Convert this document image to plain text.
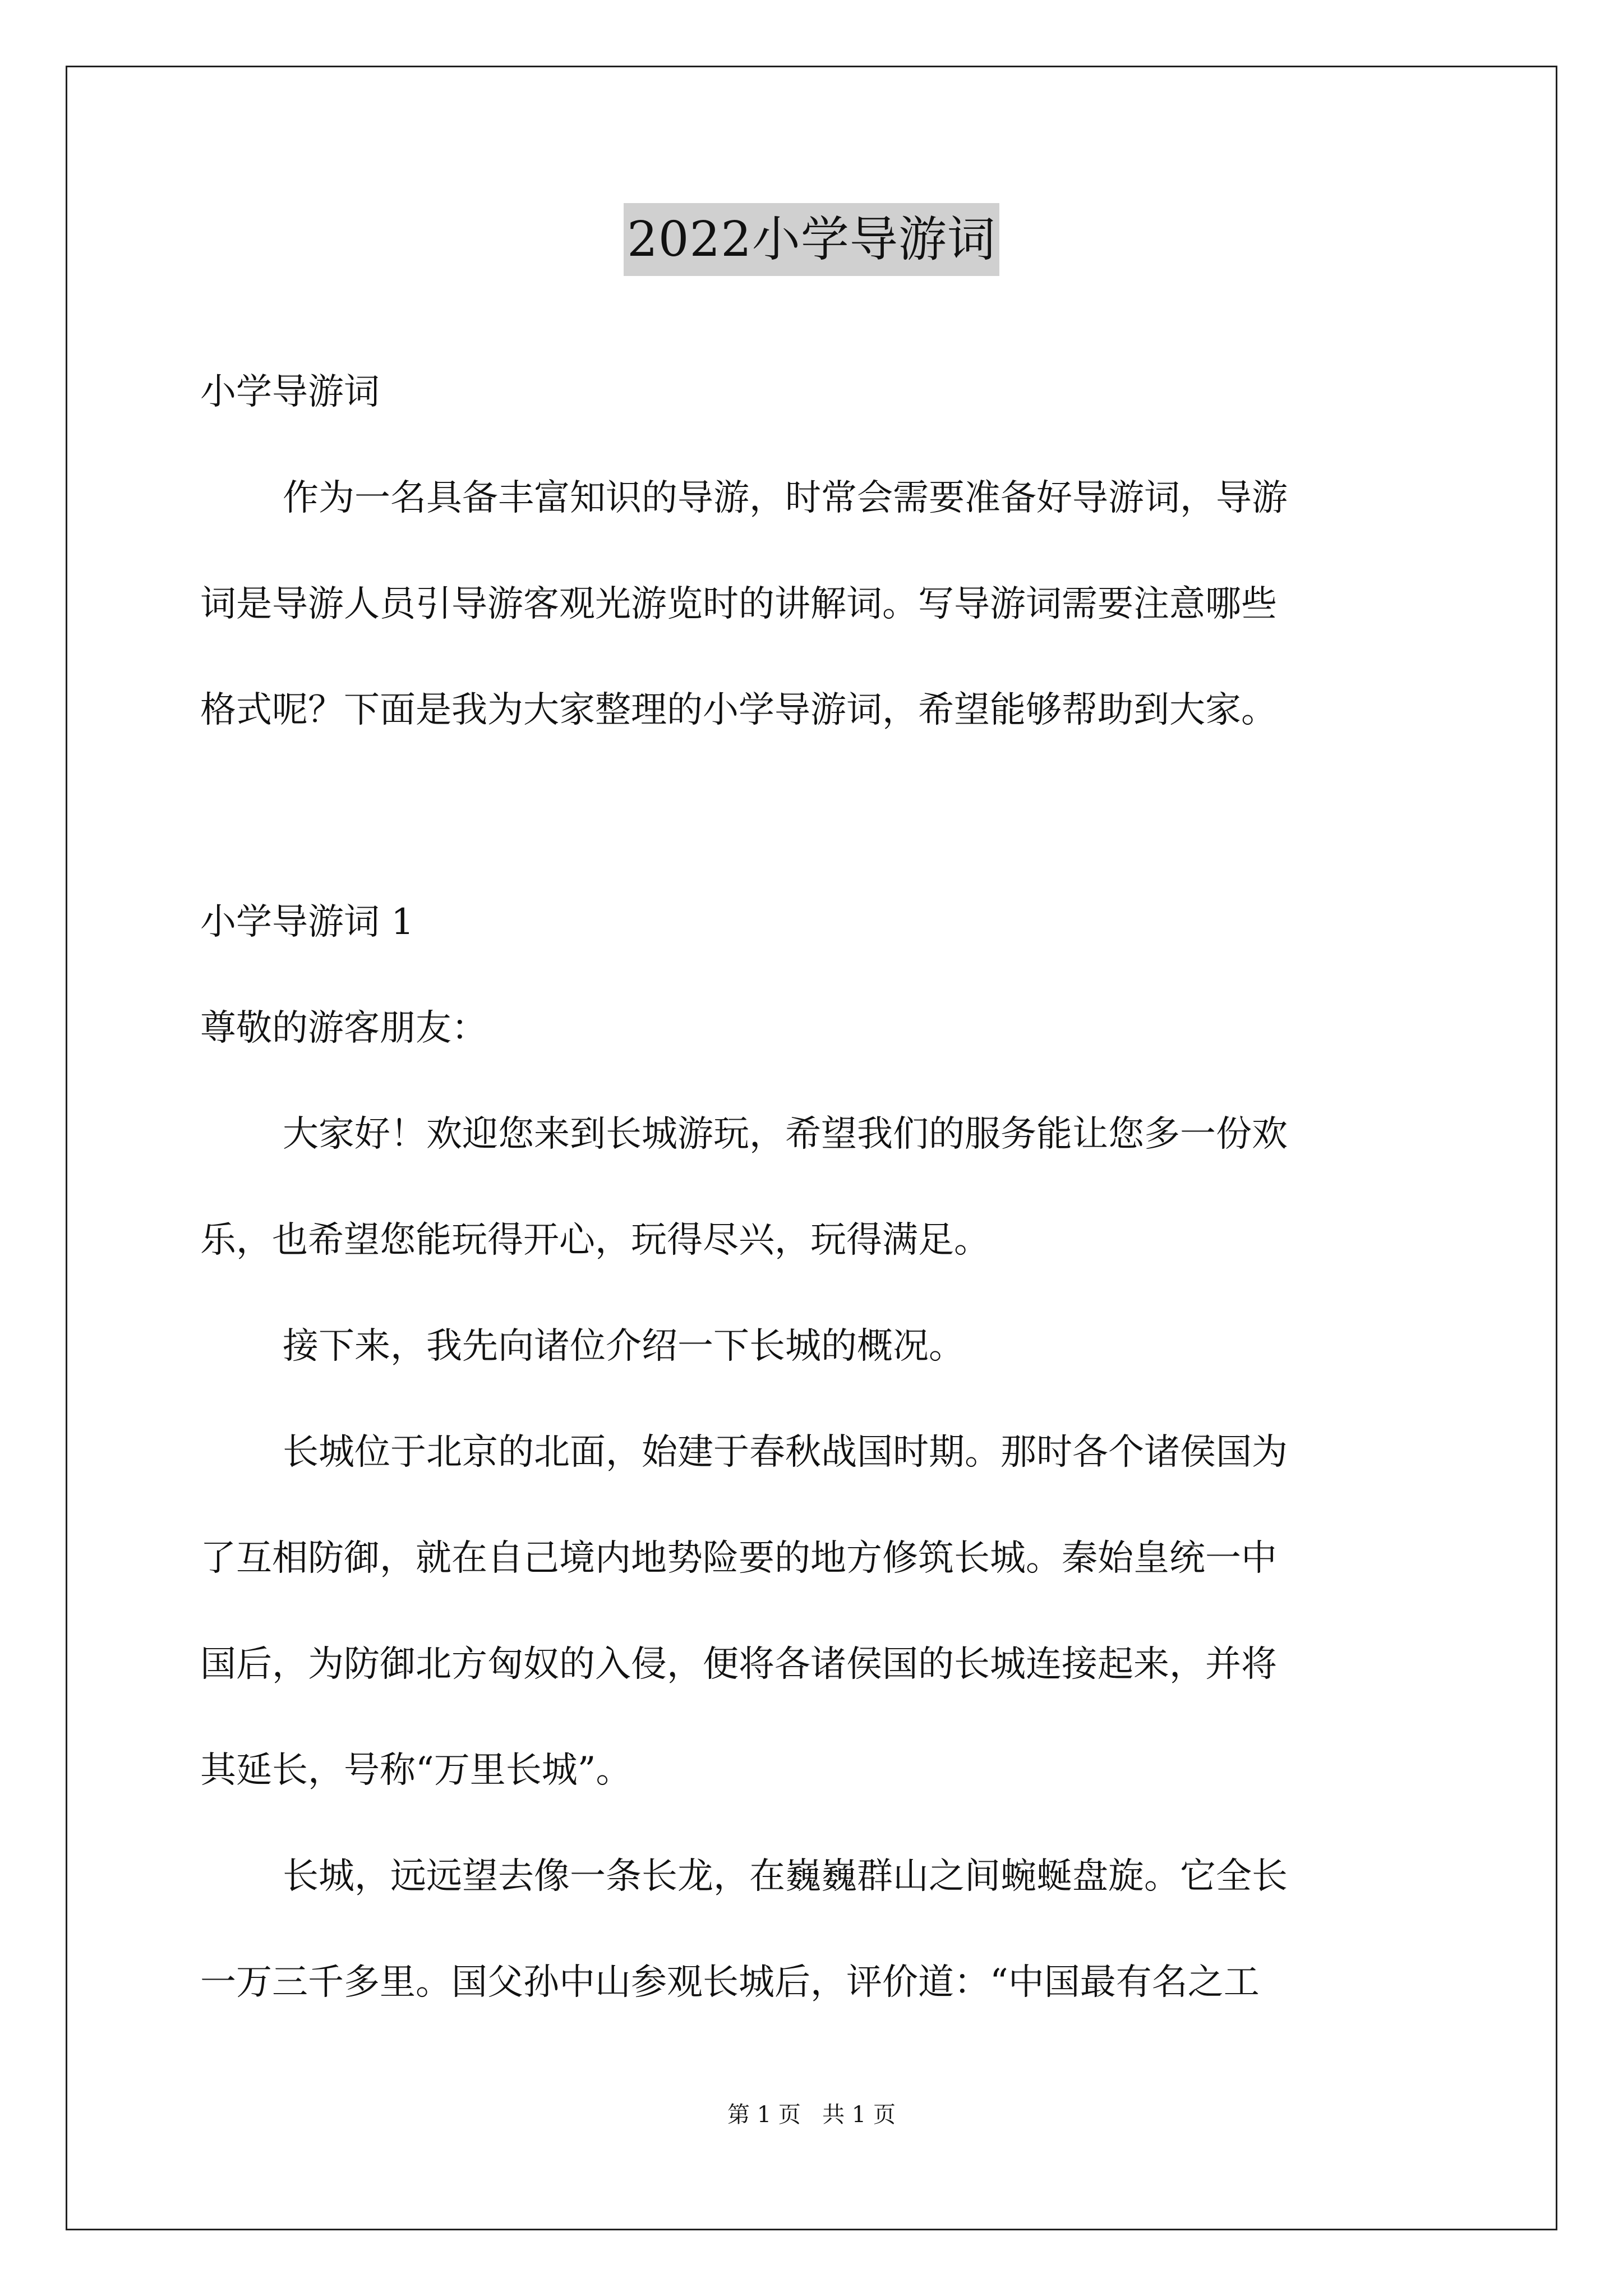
2022小学导游词

小学导游词

作为一名具备丰富知识的导游，时常会需要准备好导游词，导游

词是导游人员引导游客观光游览时的讲解词。写导游词需要注意哪些

格式呢？下面是我为大家整理的小学导游词，希望能够帮助到大家。

小学导游词 1

尊敬的游客朋友：

大家好！欢迎您来到长城游玩，希望我们的服务能让您多一份欢

乐，也希望您能玩得开心，玩得尽兴，玩得满足。

接下来，我先向诸位介绍一下长城的概况。

长城位于北京的北面，始建于春秋战国时期。那时各个诸侯国为

了互相防御，就在自己境内地势险要的地方修筑长城。秦始皇统一中

国后，为防御北方匈奴的入侵，便将各诸侯国的长城连接起来，并将

其延长，号称“万里长城”。

长城，远远望去像一条长龙，在巍巍群山之间蜿蜒盘旋。它全长

一万三千多里。国父孙中山参观长城后，评价道：“中国最有名之工

第 1 页   共 1 页
